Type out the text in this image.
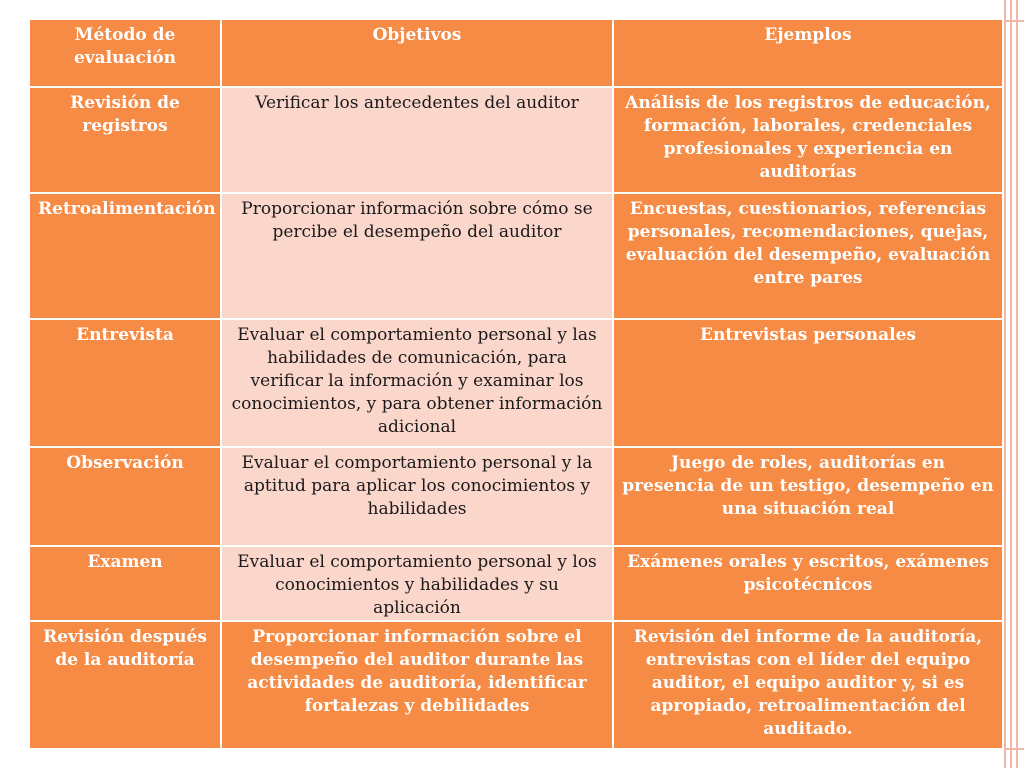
Método de evaluación	Objetivos	Ejemplos
Revisión de registros	Verificar los antecedentes del auditor	Análisis de los registros de educación, formación, laborales, credenciales profesionales y experiencia en auditorías
Retroalimentación	Proporcionar información sobre cómo se percibe el desempeño del auditor	Encuestas, cuestionarios, referencias personales, recomendaciones, quejas, evaluación del desempeño, evaluación entre pares
Entrevista	Evaluar el comportamiento personal y las habilidades de comunicación, para verificar la información y examinar los conocimientos, y para obtener información adicional	Entrevistas personales
Observación	Evaluar el comportamiento personal y la aptitud para aplicar los conocimientos y habilidades	Juego de roles, auditorías en presencia de un testigo, desempeño en una situación real
Examen	Evaluar el comportamiento personal y los conocimientos y habilidades y su aplicación	Exámenes orales y escritos, exámenes psicotécnicos
Revisión después de la auditoría	Proporcionar información sobre el desempeño del auditor durante las actividades de auditoría, identificar fortalezas y debilidades	Revisión del informe de la auditoría, entrevistas con el líder del equipo auditor, el equipo auditor y, si es apropiado, retroalimentación del auditado.
